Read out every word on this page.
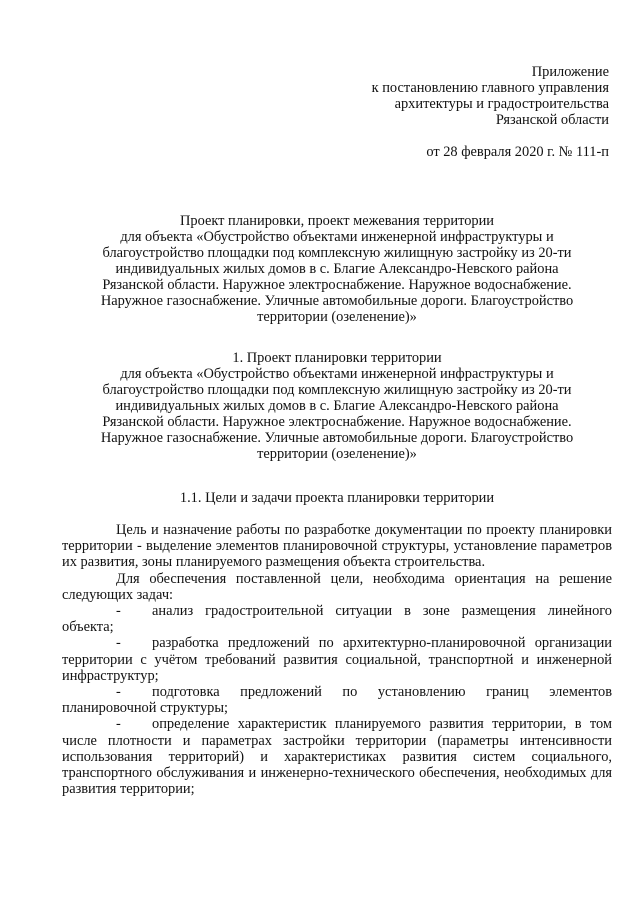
Приложение
к постановлению главного управления
архитектуры и градостроительства
Рязанской области
от 28 февраля 2020 г. № 111-п
Проект планировки, проект межевания территории
для объекта «Обустройство объектами инженерной инфраструктуры и
благоустройство площадки под комплексную жилищную застройку из 20-ти
индивидуальных жилых домов в с. Благие Александро-Невского района
Рязанской области. Наружное электроснабжение. Наружное водоснабжение.
Наружное газоснабжение. Уличные автомобильные дороги. Благоустройство
территории (озеленение)»
1. Проект планировки территории
для объекта «Обустройство объектами инженерной инфраструктуры и
благоустройство площадки под комплексную жилищную застройку из 20-ти
индивидуальных жилых домов в с. Благие Александро-Невского района
Рязанской области. Наружное электроснабжение. Наружное водоснабжение.
Наружное газоснабжение. Уличные автомобильные дороги. Благоустройство
территории (озеленение)»
1.1. Цели и задачи проекта планировки территории

Цель и назначение работы по разработке документации по проекту планировки территории - выделение элементов планировочной структуры, установление параметров их развития, зоны планируемого размещения объекта строительства.

Для обеспечения поставленной цели, необходима ориентация на решение следующих задач:

- анализ градостроительной ситуации в зоне размещения линейного объекта;

- разработка предложений по архитектурно-планировочной организации территории с учётом требований развития социальной, транспортной и инженерной инфраструктур;

- подготовка предложений по установлению границ элементов планировочной структуры;

- определение характеристик планируемого развития территории, в том числе плотности и параметрах застройки территории (параметры интенсивности использования территорий) и характеристиках развития систем социального, транспортного обслуживания и инженерно-технического обеспечения, необходимых для развития территории;
